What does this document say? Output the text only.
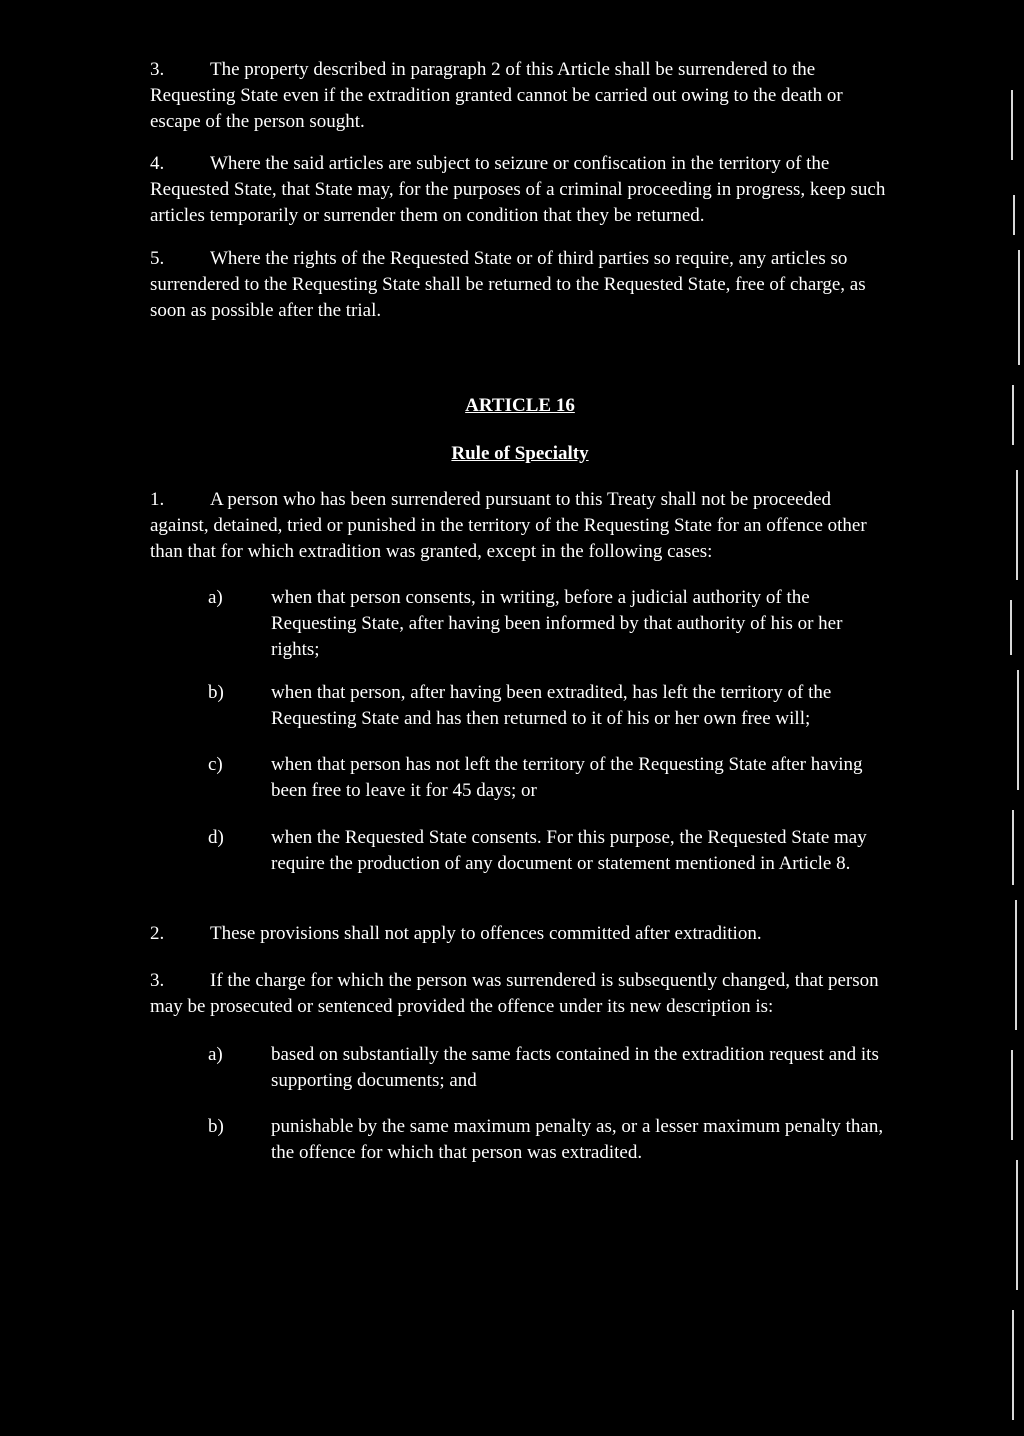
3. The property described in paragraph 2 of this Article shall be surrendered to the Requesting State even if the extradition granted cannot be carried out owing to the death or escape of the person sought.

4. Where the said articles are subject to seizure or confiscation in the territory of the Requested State, that State may, for the purposes of a criminal proceeding in progress, keep such articles temporarily or surrender them on condition that they be returned.

5. Where the rights of the Requested State or of third parties so require, any articles so surrendered to the Requesting State shall be returned to the Requested State, free of charge, as soon as possible after the trial.

ARTICLE 16

Rule of Specialty

1. A person who has been surrendered pursuant to this Treaty shall not be proceeded against, detained, tried or punished in the territory of the Requesting State for an offence other than that for which extradition was granted, except in the following cases:

a)	when that person consents, in writing, before a judicial authority of the Requesting State, after having been informed by that authority of his or her rights;
b)	when that person, after having been extradited, has left the territory of the Requesting State and has then returned to it of his or her own free will;
c)	when that person has not left the territory of the Requesting State after having been free to leave it for 45 days; or
d)	when the Requested State consents. For this purpose, the Requested State may require the production of any document or statement mentioned in Article 8.

2. These provisions shall not apply to offences committed after extradition.

3. If the charge for which the person was surrendered is subsequently changed, that person may be prosecuted or sentenced provided the offence under its new description is:

a)	based on substantially the same facts contained in the extradition request and its supporting documents; and
b)	punishable by the same maximum penalty as, or a lesser maximum penalty than, the offence for which that person was extradited.
